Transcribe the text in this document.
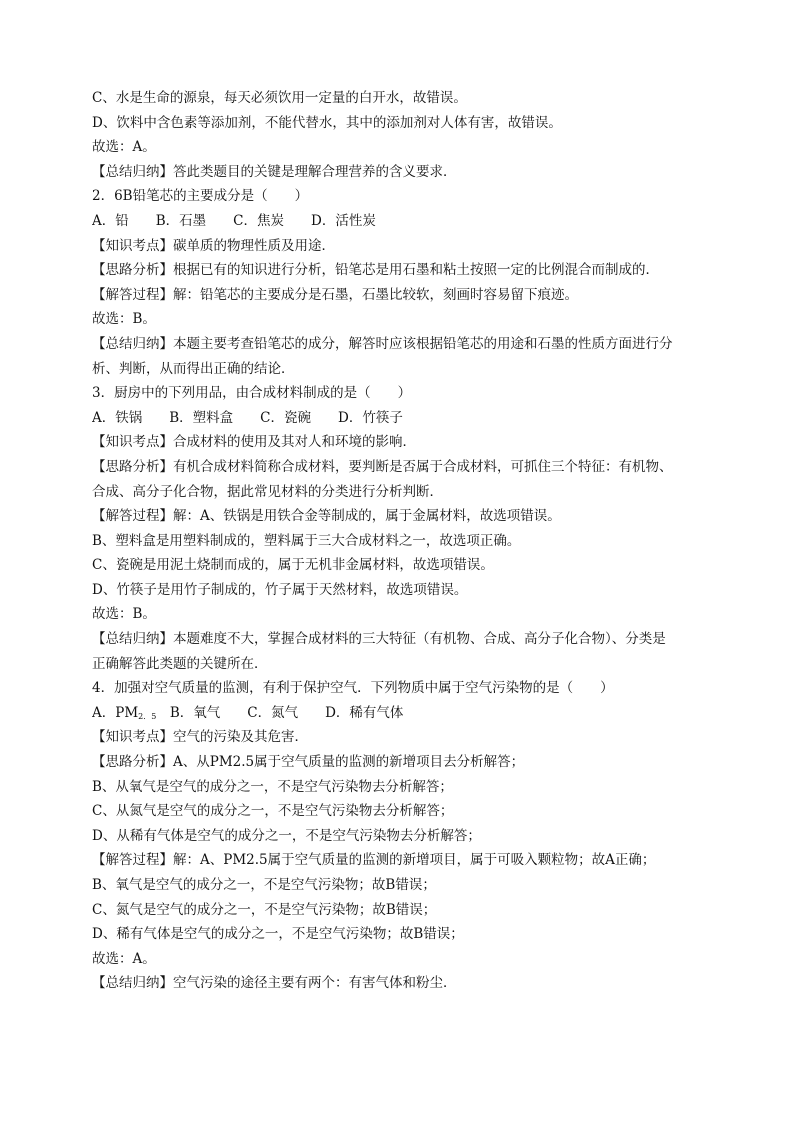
C、水是生命的源泉，每天必须饮用一定量的白开水，故错误。
D、饮料中含色素等添加剂，不能代替水，其中的添加剂对人体有害，故错误。
故选：A。
【总结归纳】答此类题目的关键是理解合理营养的含义要求．
2．6B铅笔芯的主要成分是（　　）
A．铅　　B．石墨　　C．焦炭　　D．活性炭
【知识考点】碳单质的物理性质及用途．
【思路分析】根据已有的知识进行分析，铅笔芯是用石墨和粘土按照一定的比例混合而制成的．
【解答过程】解：铅笔芯的主要成分是石墨，石墨比较软，刻画时容易留下痕迹。
故选：B。
【总结归纳】本题主要考查铅笔芯的成分，解答时应该根据铅笔芯的用途和石墨的性质方面进行分
析、判断，从而得出正确的结论．
3．厨房中的下列用品，由合成材料制成的是（　　）
A．铁锅　　B．塑料盒　　C．瓷碗　　D．竹筷子
【知识考点】合成材料的使用及其对人和环境的影响．
【思路分析】有机合成材料简称合成材料，要判断是否属于合成材料，可抓住三个特征：有机物、
合成、高分子化合物，据此常见材料的分类进行分析判断．
【解答过程】解：A、铁锅是用铁合金等制成的，属于金属材料，故选项错误。
B、塑料盒是用塑料制成的，塑料属于三大合成材料之一，故选项正确。
C、瓷碗是用泥土烧制而成的，属于无机非金属材料，故选项错误。
D、竹筷子是用竹子制成的，竹子属于天然材料，故选项错误。
故选：B。
【总结归纳】本题难度不大，掌握合成材料的三大特征（有机物、合成、高分子化合物）、分类是
正确解答此类题的关键所在．
4．加强对空气质量的监测，有利于保护空气．下列物质中属于空气污染物的是（　　）
A．$PM_{2.5}$　B．氧气　　C．氮气　　D．稀有气体
【知识考点】空气的污染及其危害．
【思路分析】A、从PM2.5属于空气质量的监测的新增项目去分析解答；
B、从氧气是空气的成分之一，不是空气污染物去分析解答；
C、从氮气是空气的成分之一，不是空气污染物去分析解答；
D、从稀有气体是空气的成分之一，不是空气污染物去分析解答；
【解答过程】解：A、PM2.5属于空气质量的监测的新增项目，属于可吸入颗粒物；故A正确；
B、氧气是空气的成分之一，不是空气污染物；故B错误；
C、氮气是空气的成分之一，不是空气污染物；故B错误；
D、稀有气体是空气的成分之一，不是空气污染物；故B错误；
故选：A。
【总结归纳】空气污染的途径主要有两个：有害气体和粉尘．
